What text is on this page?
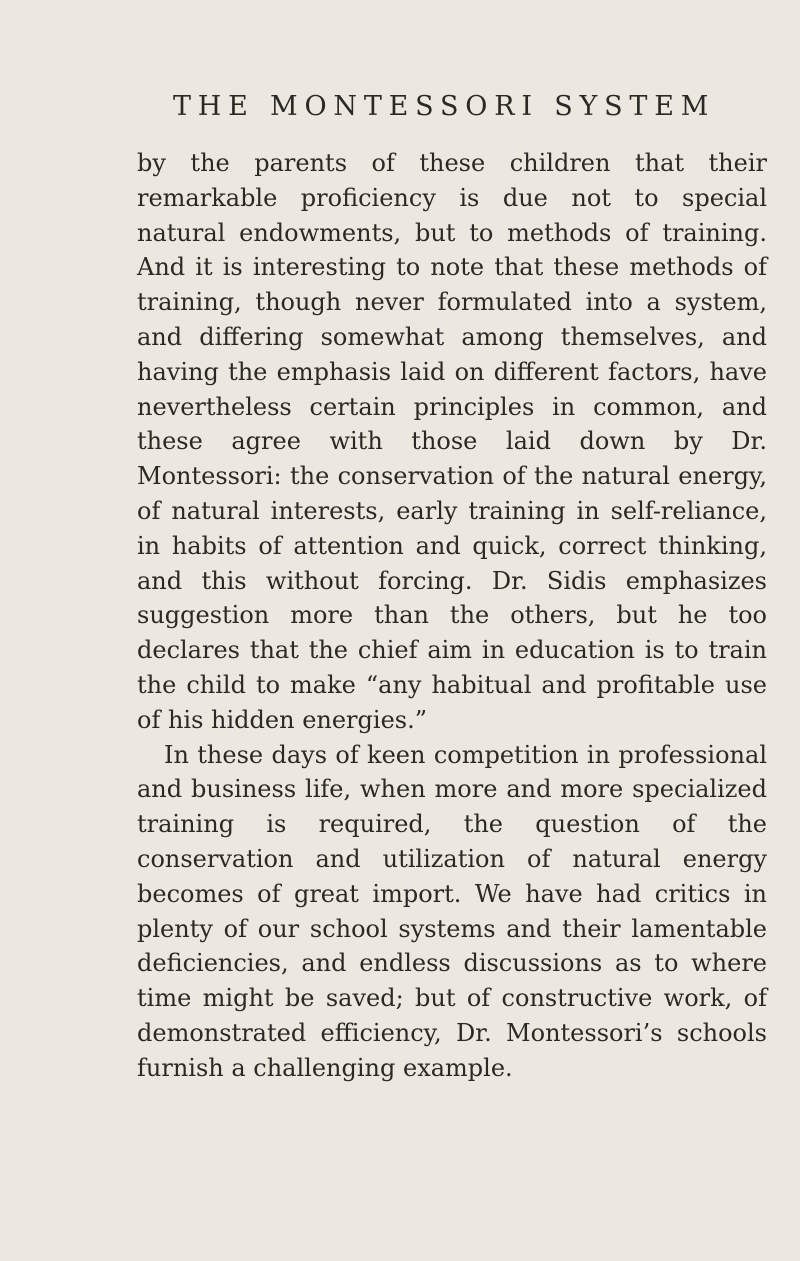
THE MONTESSORI SYSTEM

by the parents of these children that their remarkable proficiency is due not to special natural endowments, but to methods of training. And it is interesting to note that these methods of training, though never formulated into a system, and differing somewhat among themselves, and having the emphasis laid on different factors, have nevertheless certain principles in common, and these agree with those laid down by Dr. Montessori: the conservation of the natural energy, of natural interests, early training in self-reliance, in habits of attention and quick, correct thinking, and this without forcing. Dr. Sidis emphasizes suggestion more than the others, but he too declares that the chief aim in education is to train the child to make “any habitual and profitable use of his hidden energies.”

In these days of keen competition in professional and business life, when more and more specialized training is required, the question of the conservation and utilization of natural energy becomes of great import. We have had critics in plenty of our school systems and their lamentable deficiencies, and endless discussions as to where time might be saved; but of constructive work, of demonstrated efficiency, Dr. Montessori’s schools furnish a challenging example.
